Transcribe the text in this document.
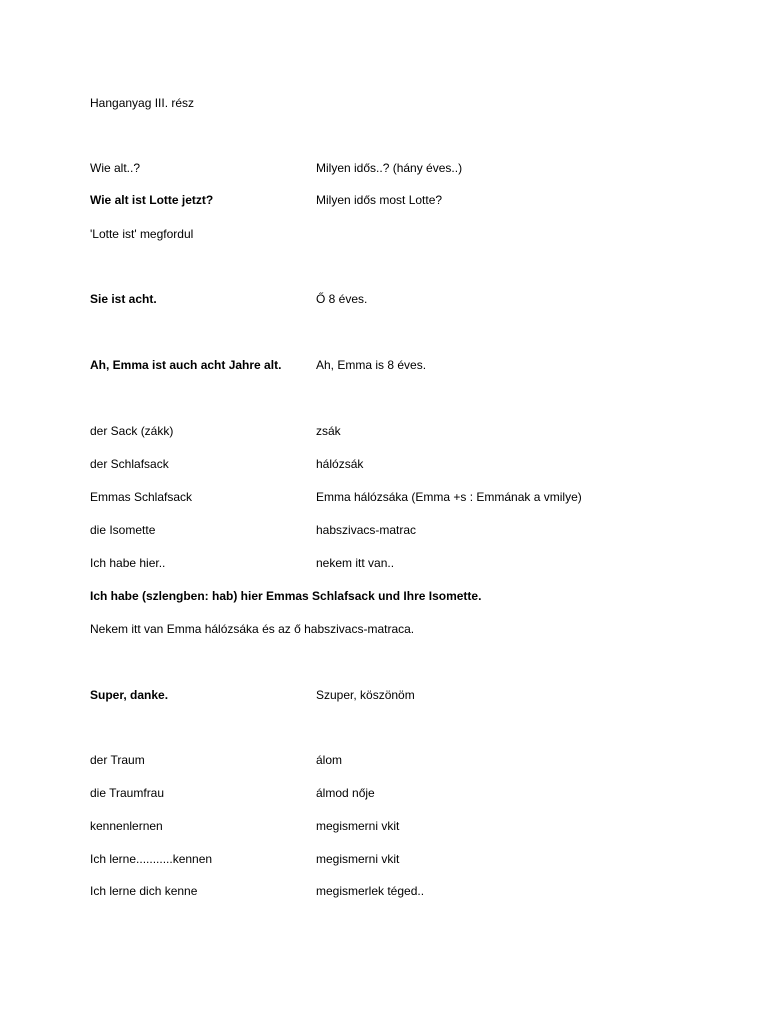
Hanganyag III. rész
Wie alt..?	Milyen idős..? (hány éves..)
Wie alt ist Lotte jetzt?	Milyen idős most Lotte?
'Lotte ist' megfordul
Sie ist acht.	Ő 8 éves.
Ah, Emma ist auch acht Jahre alt.	Ah, Emma is 8 éves.
der Sack (zákk)	zsák
der Schlafsack	hálózsák
Emmas Schlafsack	Emma hálózsáka (Emma +s : Emmának a vmilye)
die Isomette	habszivacs-matrac
Ich habe hier..	nekem itt van..
Ich habe (szlengben: hab) hier Emmas Schlafsack und Ihre Isomette.
Nekem itt van Emma hálózsáka és az ő habszivacs-matraca.
Super, danke.	Szuper, köszönöm
der Traum	álom
die Traumfrau	álmod nője
kennenlernen	megismerni vkit
Ich lerne...........kennen	megismerni vkit
Ich lerne dich kenne	megismerlek téged..
